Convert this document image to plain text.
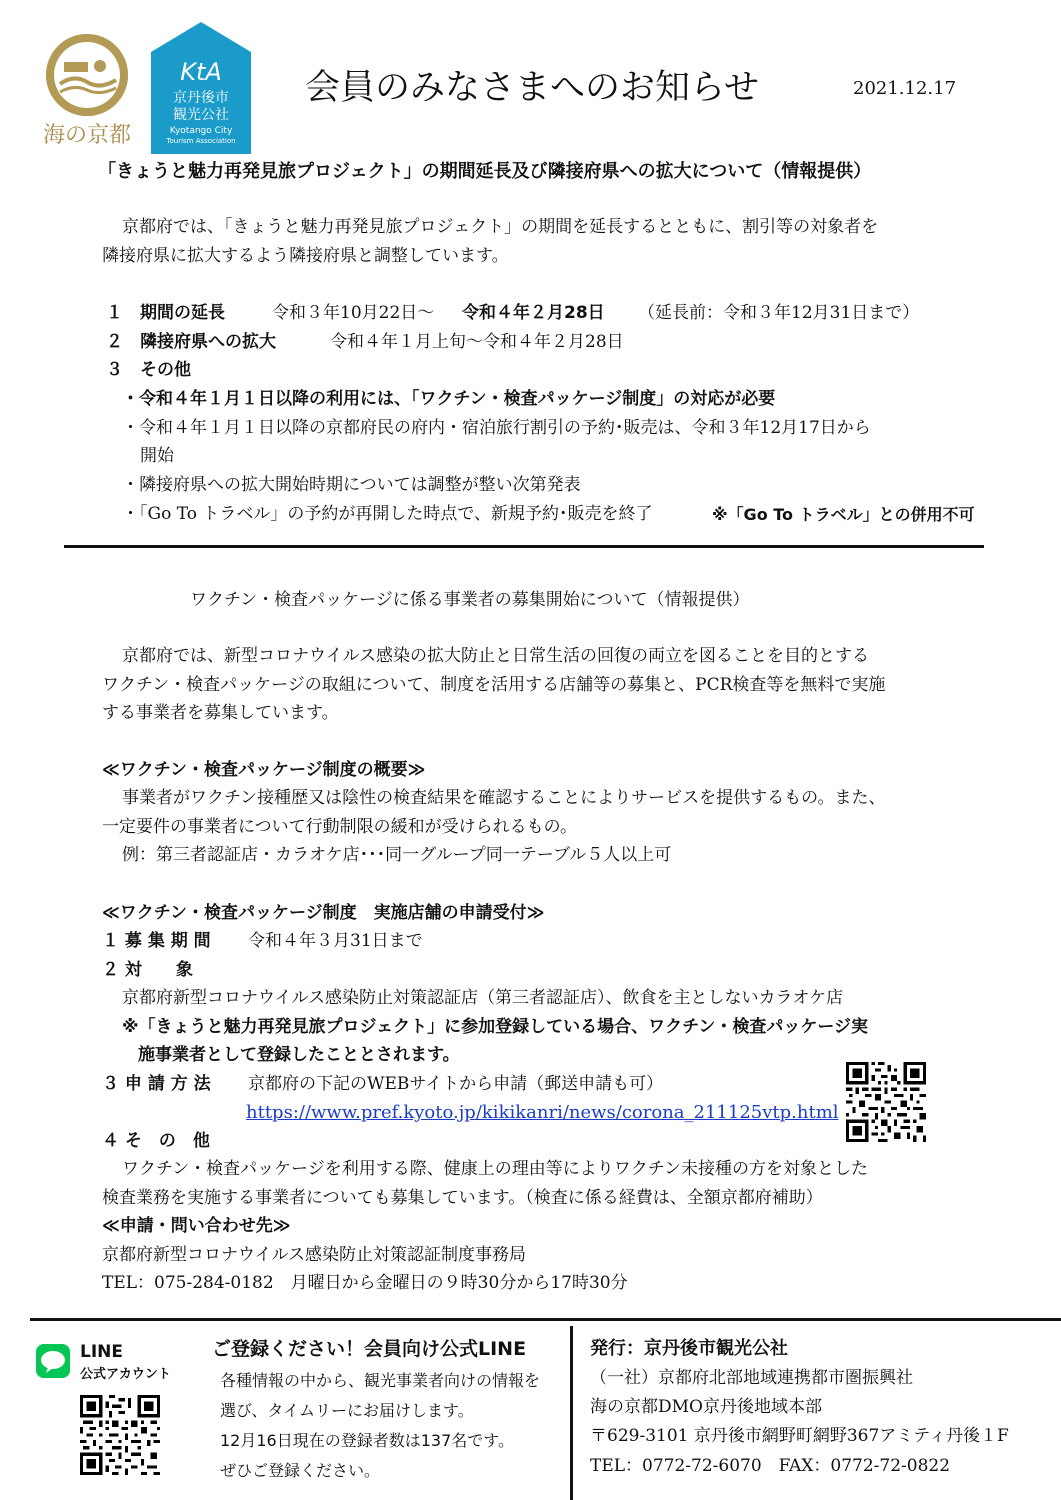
海の京都
KtA
京丹後市
観光公社
Kyotango City
Tourism Association
会員のみなさまへのお知らせ	2021.12.17
「きょうと魅力再発見旅プロジェクト」の期間延長及び隣接府県への拡大について（情報提供）
京都府では、「きょうと魅力再発見旅プロジェクト」の期間を延長するとともに、割引等の対象者を
隣接府県に拡大するよう隣接府県と調整しています。
１　期間の延長	令和３年10月22日〜 令和４年２月28日 （延長前：令和３年12月31日まで）
２　隣接府県への拡大	令和４年１月上旬〜令和４年２月28日
３　その他
・令和４年１月１日以降の利用には、「ワクチン・検査パッケージ制度」の対応が必要
・令和４年１月１日以降の京都府民の府内・宿泊旅行割引の予約･販売は、令和３年12月17日から
開始
・隣接府県への拡大開始時期については調整が整い次第発表
・「Go To トラベル」の予約が再開した時点で、新規予約･販売を終了	※「Go To トラベル」との併用不可
ワクチン・検査パッケージに係る事業者の募集開始について（情報提供）
京都府では、新型コロナウイルス感染の拡大防止と日常生活の回復の両立を図ることを目的とする
ワクチン・検査パッケージの取組について、制度を活用する店舗等の募集と、PCR検査等を無料で実施
する事業者を募集しています。
≪ワクチン・検査パッケージ制度の概要≫
事業者がワクチン接種歴又は陰性の検査結果を確認することによりサービスを提供するもの。また、
一定要件の事業者について行動制限の緩和が受けられるもの。
例：第三者認証店・カラオケ店･･･同一グループ同一テーブル５人以上可
≪ワクチン・検査パッケージ制度　実施店舗の申請受付≫
１ 募 集 期 間 令和４年３月31日まで
２ 対　　象
京都府新型コロナウイルス感染防止対策認証店（第三者認証店）、飲食を主としないカラオケ店
※「きょうと魅力再発見旅プロジェクト」に参加登録している場合、ワクチン・検査パッケージ実
施事業者として登録したこととされます。
３ 申 請 方 法 京都府の下記のWEBサイトから申請（郵送申請も可）
https://www.pref.kyoto.jp/kikikanri/news/corona_211125vtp.html
４ そ　の　他
ワクチン・検査パッケージを利用する際、健康上の理由等によりワクチン未接種の方を対象とした
検査業務を実施する事業者についても募集しています。（検査に係る経費は、全額京都府補助）
≪申請・問い合わせ先≫
京都府新型コロナウイルス感染防止対策認証制度事務局
TEL：075-284-0182　月曜日から金曜日の９時30分から17時30分
LINE
公式アカウント
ご登録ください！会員向け公式LINE
各種情報の中から、観光事業者向けの情報を
選び、タイムリーにお届けします。
12月16日現在の登録者数は137名です。
ぜひご登録ください。
発行：京丹後市観光公社
（一社）京都府北部地域連携都市圏振興社
海の京都DMO京丹後地域本部
〒629-3101 京丹後市網野町網野367アミティ丹後１F
TEL：0772-72-6070　FAX：0772-72-0822
